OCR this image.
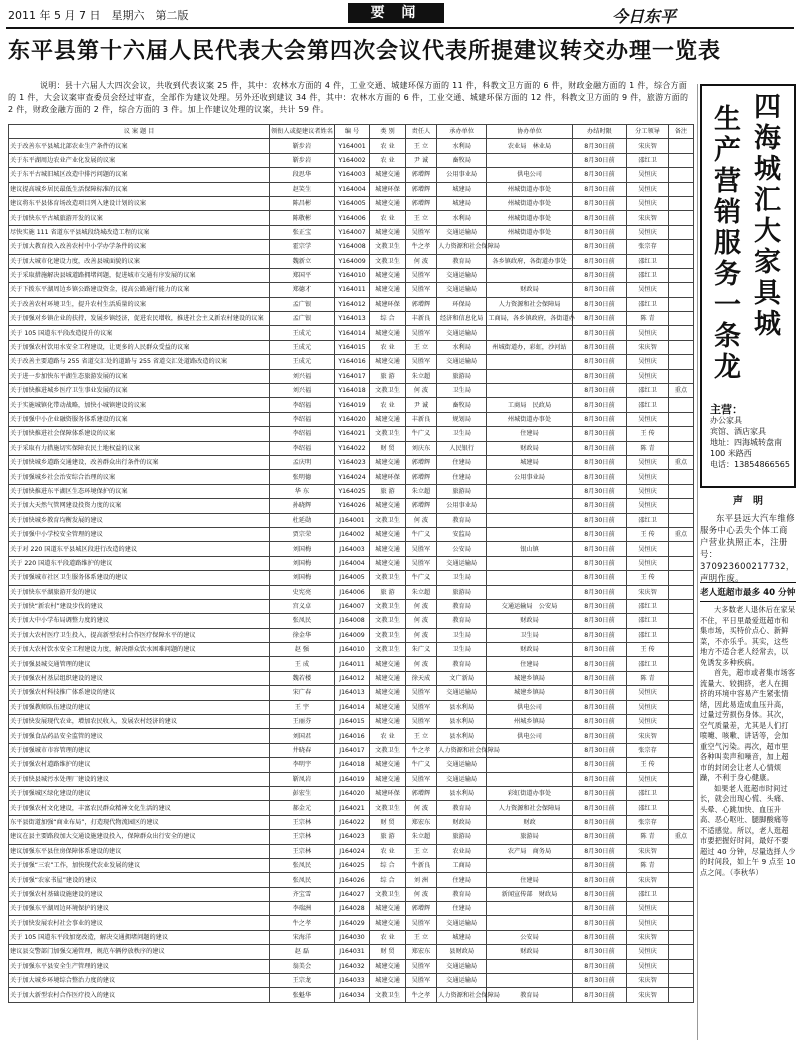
2011 年 5 月 7 日　星期六　第二版	要 闻	今日东平
东平县第十六届人民代表大会第四次会议代表所提建议转交办理一览表

说明：县十六届人大四次会议，共收到代表议案 25 件，其中：农林水方面的 4 件，工业交通、城建环保方面的 11 件，科教文卫方面的 6 件，财政金融方面的 1 件，综合方面的 1 件，大会议案审查委员会经过审查，全部作为建议处理。另外还收到建议 34 件，其中：农林水方面的 6 件，工业交通、城建环保方面的 12 件，科教文卫方面的 9 件，旅游方面的 2 件，财政金融方面的 2 件，综合方面的 3 件。加上作建议处理的议案，共计 59 件。

议 案 题 目	领衔人或提建议者姓名	编 号	类 别	责任人	承办单位	协办单位	办结时限	分工领导	备注
关于改善东平县城北部农业生产条件的议案	靳步岩	Y164001	农 业	王 立	水利局	农业局　林业局	8月30日前	宋庆智	
关于东平湖周边农业产业化发展的议案	靳步岩	Y164002	农 业	尹 诚	畜牧局		8月30日前	邵红卫	
关于东平古城旧城区改造中排污问题的议案	段思华	Y164003	城建交通	郭增辉	公用事业局	供电公司	8月30日前	吴恒庆	
建议提高城乡居民最低生活保障标准的议案	赵笑生	Y164004	城建环保	郭增辉	城建局	州城街道办事处	8月30日前	吴恒庆	
建议将东平县体育场改造项目列入建设计划的议案	陈昌彬	Y164005	城建交通	郭增辉	城建局	州城街道办事处	8月30日前	吴恒庆	
关于加快东平古城旅游开发的议案	陈敬彬	Y164006	农 业	王 立	水利局	州城街道办事处	8月30日前	宋庆智	
尽快实施 111 省道东平县城段绕城改造工程的议案	张正宝	Y164007	城建交通	吴胜军	交通运输局	州城街道办事处	8月30日前	吴恒庆	
关于加大教育投入改善农村中小学办学条件的议案	霍宗学	Y164008	文教卫生	牛之孝	人力资源和社会保障局		8月30日前	张宗存	
关于加大城市化建设力度，改善县城面貌的议案	魏新立	Y164009	文教卫生	何 波	教育局	各乡镇政府，各街道办事处	8月30日前	邵红卫	
关于采取措施解决县城道路拥堵问题，促进城市交通有序发展的议案	郑国平	Y164010	城建交通	吴胜军	交通运输局		8月30日前	邵红卫	
关于下拨东平湖周边乡镇公路建设资金，提高公路通行能力的议案	郑德才	Y164011	城建交通	吴胜军	交通运输局	财政局	8月30日前	吴恒庆	
关于改善农村环境卫生，提升农村生活质量的议案	孟广银	Y164012	城建环保	郭增辉	环保局	人力资源和社会保障局	8月30日前	邵红卫	
关于加强对乡镇企业的扶持，发展乡镇经济，促进农民增收，推进社会主义新农村建设的议案	孟广银	Y164013	综 合	丰新良	经济和信息化局	工商局，各乡镇政府，各街道办	8月30日前	陈 青	
关于 105 国道东平段改造提升的议案	王成元	Y164014	城建交通	吴胜军	交通运输局		8月30日前	吴恒庆	
关于加强农村饮用水安全工程建设，让更多的人民群众受益的议案	王成元	Y164015	农 业	王 立	水利局	州城街道办，彩虹，沙河站	8月30日前	宋庆智	
关于改善主要道路与 255 省道交汇处的道路与 255 省道交汇处道路改造的议案	王成元	Y164016	城建交通	吴胜军	交通运输局		8月30日前	吴恒庆	
关于进一步加快东平湖生态旅游发展的议案	刘兴福	Y164017	旅 游	朱立超	旅游局		8月30日前	吴恒庆	
关于加快推进城乡医疗卫生事业发展的议案	刘兴福	Y164018	文教卫生	何 波	卫生局		8月30日前	邵红卫	重点
关于实施城镇化带动战略，加快小城镇建设的议案	李绍福	Y164019	农 业	尹 诚	畜牧局	工商局　民政局	8月30日前	邵红卫	
关于加强中小企业融资服务体系建设的议案	李绍福	Y164020	城建交通	丰新良	规划局	州城街道办事处	8月30日前	吴恒庆	
关于加快推进社会保障体系建设的议案	李绍福	Y164021	文教卫生	牛广义	卫生局	住建局	8月30日前	王 传	
关于采取有力措施切实保障农民土地权益的议案	李绍福	Y164022	财 贸	刘庆东	人民银行	财政局	8月30日前	陈 青	
关于加快城乡道路交通建设，改善群众出行条件的议案	孟庆明	Y164023	城建交通	郭增辉	住建局	城建局	8月30日前	吴恒庆	重点
关于加强城乡社会治安综合治理的议案	张明德	Y164024	城建环保	郭增辉	住建局	公用事业局	8月30日前	吴恒庆	
关于加快推进东平湖区生态环境保护的议案	华 东	Y164025	旅 游	朱立超	旅游局		8月30日前	吴恒庆	
关于加大天然气管网建设投资力度的议案	孙晓辉	Y164026	城建交通	郭增辉	公用事业局		8月30日前	吴恒庆	
关于加快城乡教育均衡发展的建议	杜延勋	J164001	文教卫生	何 波	教育局		8月30日前	邵红卫	
关于加强中小学校安全管理的建议	贾宗荣	J164002	城建交通	牛广义	安监局		8月30日前	王 传	重点
关于对 220 国道东平县城区段进行改造的建议	刘国梅	J164003	城建交通	吴胜军	公安局	银山镇	8月30日前	吴恒庆	
关于 220 国道东平段道路维护的建议	刘国梅	J164004	城建交通	吴胜军	交通运输局		8月30日前	吴恒庆	
关于加强城市社区卫生服务体系建设的建议	刘国梅	J164005	文教卫生	牛广义	卫生局		8月30日前	王 传	
关于加快东平湖旅游开发的建议	史宪亮	J164006	旅 游	朱立超	旅游局		8月30日前	宋庆智	
关于加快“新农村”建设步伐的建议	宫义卓	J164007	文教卫生	何 波	教育局	交通运输局　公安局	8月30日前	邵红卫	
关于加大中小学布局调整力度的建议	张凤民	J164008	文教卫生	何 波	教育局	财政局	8月30日前	邵红卫	
关于加大农村医疗卫生投入，提高新型农村合作医疗保障水平的建议	徐金华	J164009	文教卫生	何 波	卫生局	卫生局	8月30日前	邵红卫	
关于加大农村饮水安全工程建设力度，解决群众饮水困难问题的建议	赵 强	J164010	文教卫生	朱广义	卫生局	财政局	8月30日前	王 传	
关于加强县城交通管理的建议	王 成	J164011	城建交通	何 波	教育局	住建局	8月30日前	邵红卫	
关于加强农村基层组织建设的建议	魏若楼	J164012	城建交通	徐天成	文广新局	城建乡镇局	8月30日前	陈 青	
关于加强农村科技推广体系建设的建议	宋广春	J164013	城建交通	吴胜军	交通运输局	城建乡镇局	8月30日前	吴恒庆	
关于加强教师队伍建设的建议	王 宇	J164014	城建交通	吴胜军	县水利局	供电公司	8月30日前	吴恒庆	
关于加快发展现代农业，增加农民收入，发展农村经济的建议	王丽芬	J164015	城建交通	吴胜军	县水利局	州城乡镇局	8月30日前	吴恒庆	
关于加强食品药品安全监管的建议	刘国君	J164016	农 业	王 立	县水利局	供电公司	8月30日前	宋庆智	
关于加强城市市容管理的建议	井晓春	J164017	文教卫生	牛之孝	人力资源和社会保障局		8月30日前	张宗存	
关于加强农村道路维护的建议	李明宇	J164018	城建交通	牛广义	交通运输局		8月30日前	王 传	
关于加快县城污水处理厂建设的建议	靳凤岩	J164019	城建交通	吴胜军	交通运输局		8月30日前	吴恒庆	
关于加强城区绿化建设的建议	彭宏生	J164020	城建环保	郭增辉	县水利局	彩虹街道办事处	8月30日前	邵红卫	
关于加强农村文化建设，丰富农民群众精神文化生活的建议	郝金元	J164021	文教卫生	何 波	教育局	人力资源和社会保障局	8月30日前	邵红卫	
东平县街道加强“商业布局”，打造现代物流园区的建议	王宗林	J164022	财 贸	郑宏东	财政局	财政	8月30日前	张宗存	
建议在县主要路段加大交通设施建设投入，保障群众出行安全的建议	王宗林	J164023	旅 游	朱立超	旅游局	旅游局	8月30日前	陈 青	重点
建议加强东平县住房保障体系建设的建议	王宗林	J164024	农 业	王 立	农业局	农产局　商务局	8月30日前	宋庆智	
关于加强“三农”工作，加快现代农业发展的建议	张凤民	J164025	综 合	牛新良	工商局		8月30日前	陈 青	
关于加强“农家书屋”建设的建议	张凤民	J164026	综 合	刘 洲	住建局	住建局	8月30日前	宋庆智	
关于加强农村基础设施建设的建议	齐宝雪	J164027	文教卫生	何 波	教育局	新闻宣传部　财政局	8月30日前	邵红卫	
关于加强东平湖周边环境保护的建议	李瑞洲	J164028	城建交通	郭增辉	住建局		8月30日前	吴恒庆	
关于加快发展农村社会事业的建议	牛之孝	J164029	城建交通	吴胜军	交通运输局		8月30日前	吴恒庆	
关于 105 国道东平段加宽改造，解决交通拥堵问题的建议	宋海洋	J164030	农 业	王 立	城建局	公安局	8月30日前	宋庆智	
建议县交警部门加强交通管理，规范车辆停放秩序的建议	赵 磊	J164031	财 贸	郑宏东	县财政局	财政局	8月30日前	吴恒庆	
关于加强东平县安全生产管理的建议	翁美会	J164032	城建交通	吴胜军	交通运输局		8月30日前	吴恒庆	
关于加大城乡环境综合整治力度的建议	王宗龙	J164033	城建交通	吴胜军	交通运输局		8月30日前	宋庆智	
关于加大新型农村合作医疗投入的建议	张魁华	J164034	文教卫生	牛之孝	人力资源和社会保障局	教育局	8月30日前	宋庆智	
四海城汇大家具城
生产营销服务一条龙
主营：
办公家具
宾馆、酒店家具
地址：四海城转盘南
100 米路西
电话：13854866565
声　明
东平县远大汽车维修服务中心丢失个体工商户营业执照正本，注册号：370923600217732，声明作废。
老人逛超市最多 40 分钟

大多数老人退休后在家呆不住，平日里最爱逛超市和集市场，买特价点心、新鲜菜，不亦乐乎。其实，这些地方不适合老人经常去，以免诱发多种疾病。

首先，超市或者集市场客流量大、较拥挤，老人在拥挤的环境中容易产生紧张情绪，因此易造成血压升高，过量过劳损伤身体。其次，空气质量差，尤其是人们打喷嚏、咳嗽、讲话等，会加重空气污染。再次，超市里各种叫卖声和噪音，加上超市的封闭会让老人心情烦躁，不利于身心健康。

如果老人逛超市时间过长，就会出现心慌、头痛、头晕、心跳加快、血压升高、恶心呕吐、腿脚酸痛等不适感觉。所以，老人逛超市要把握好时间，最好不要超过 40 分钟，尽量选择人少的时间段，如上午 9 点至 10 点之间。（李秋华）
